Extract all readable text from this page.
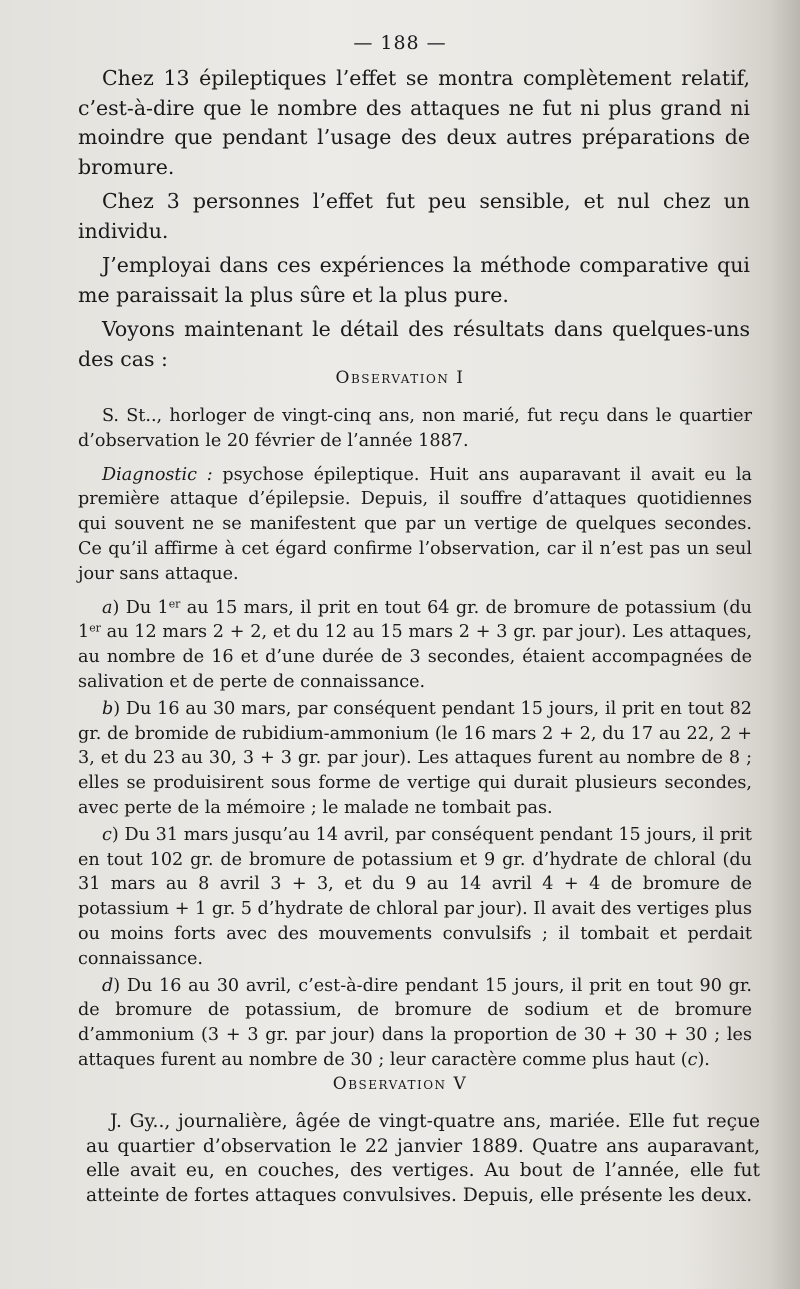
— 188 —

Chez 13 épileptiques l’effet se montra complètement relatif, c’est-à-dire que le nombre des attaques ne fut ni plus grand ni moindre que pendant l’usage des deux autres préparations de bromure.

Chez 3 personnes l’effet fut peu sensible, et nul chez un individu.

J’employai dans ces expériences la méthode comparative qui me paraissait la plus sûre et la plus pure.

Voyons maintenant le détail des résultats dans quelques-uns des cas :

Observation I

S. St.., horloger de vingt-cinq ans, non marié, fut reçu dans le quartier d’observation le 20 février de l’année 1887.

Diagnostic : psychose épileptique. Huit ans auparavant il avait eu la première attaque d’épilepsie. Depuis, il souffre d’attaques quotidiennes qui souvent ne se manifestent que par un vertige de quelques secondes. Ce qu’il affirme à cet égard confirme l’observation, car il n’est pas un seul jour sans attaque.

a) Du 1er au 15 mars, il prit en tout 64 gr. de bromure de potassium (du 1er au 12 mars 2 + 2, et du 12 au 15 mars 2 + 3 gr. par jour). Les attaques, au nombre de 16 et d’une durée de 3 secondes, étaient accompagnées de salivation et de perte de connaissance.

b) Du 16 au 30 mars, par conséquent pendant 15 jours, il prit en tout 82 gr. de bromide de rubidium-ammonium (le 16 mars 2 + 2, du 17 au 22, 2 + 3, et du 23 au 30, 3 + 3 gr. par jour). Les attaques furent au nombre de 8 ; elles se produisirent sous forme de vertige qui durait plusieurs secondes, avec perte de la mémoire ; le malade ne tombait pas.

c) Du 31 mars jusqu’au 14 avril, par conséquent pendant 15 jours, il prit en tout 102 gr. de bromure de potassium et 9 gr. d’hydrate de chloral (du 31 mars au 8 avril 3 + 3, et du 9 au 14 avril 4 + 4 de bromure de potassium + 1 gr. 5 d’hydrate de chloral par jour). Il avait des vertiges plus ou moins forts avec des mouvements convulsifs ; il tombait et perdait connaissance.

d) Du 16 au 30 avril, c’est-à-dire pendant 15 jours, il prit en tout 90 gr. de bromure de potassium, de bromure de sodium et de bromure d’ammonium (3 + 3 gr. par jour) dans la proportion de 30 + 30 + 30 ; les attaques furent au nombre de 30 ; leur caractère comme plus haut (c).

Observation V

J. Gy.., journalière, âgée de vingt-quatre ans, mariée. Elle fut reçue au quartier d’observation le 22 janvier 1889. Quatre ans auparavant, elle avait eu, en couches, des vertiges. Au bout de l’année, elle fut atteinte de fortes attaques convulsives. Depuis, elle présente les deux.
